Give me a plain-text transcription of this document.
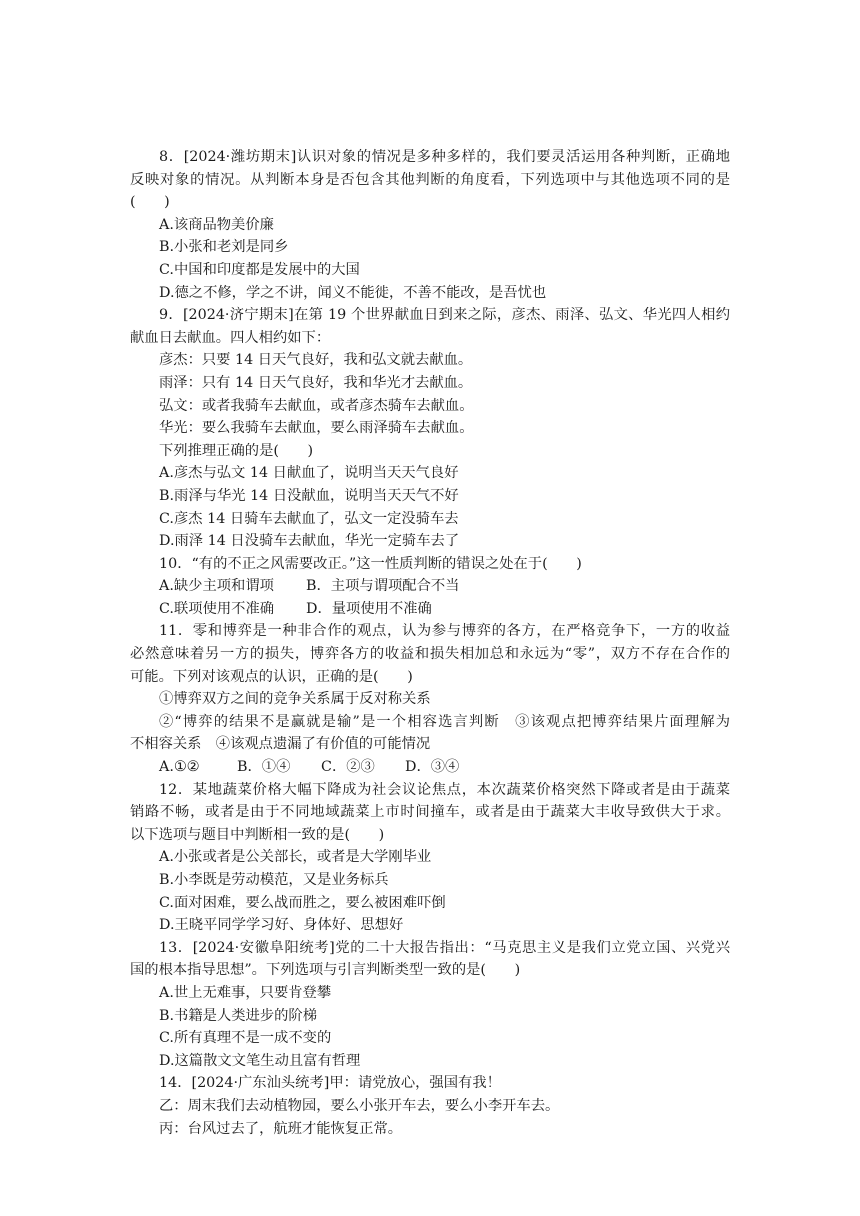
8．[2024·潍坊期末]认识对象的情况是多种多样的，我们要灵活运用各种判断，正确地
反映对象的情况。从判断本身是否包含其他判断的角度看，下列选项中与其他选项不同的是
(　　)
A.该商品物美价廉
B.小张和老刘是同乡
C.中国和印度都是发展中的大国
D.德之不修，学之不讲，闻义不能徙，不善不能改，是吾忧也
9．[2024·济宁期末]在第 19 个世界献血日到来之际，彦杰、雨泽、弘文、华光四人相约
献血日去献血。四人相约如下：
彦杰：只要 14 日天气良好，我和弘文就去献血。
雨泽：只有 14 日天气良好，我和华光才去献血。
弘文：或者我骑车去献血，或者彦杰骑车去献血。
华光：要么我骑车去献血，要么雨泽骑车去献血。
下列推理正确的是(　　)
A.彦杰与弘文 14 日献血了，说明当天天气良好
B.雨泽与华光 14 日没献血，说明当天天气不好
C.彦杰 14 日骑车去献血了，弘文一定没骑车去
D.雨泽 14 日没骑车去献血，华光一定骑车去了
10．“有的不正之风需要改正。”这一性质判断的错误之处在于(　　)
A.缺少主项和谓项 B．主项与谓项配合不当
C.联项使用不准确 D．量项使用不准确
11．零和博弈是一种非合作的观点，认为参与博弈的各方，在严格竞争下，一方的收益
必然意味着另一方的损失，博弈各方的收益和损失相加总和永远为“零”，双方不存在合作的
可能。下列对该观点的认识，正确的是(　　)
①博弈双方之间的竞争关系属于反对称关系
②“博弈的结果不是赢就是输”是一个相容选言判断　③该观点把博弈结果片面理解为
不相容关系　④该观点遗漏了有价值的可能情况
A.①②	B．①④ C．②③ D．③④
12．某地蔬菜价格大幅下降成为社会议论焦点，本次蔬菜价格突然下降或者是由于蔬菜
销路不畅，或者是由于不同地域蔬菜上市时间撞车，或者是由于蔬菜大丰收导致供大于求。
以下选项与题目中判断相一致的是(　　)
A.小张或者是公关部长，或者是大学刚毕业
B.小李既是劳动模范，又是业务标兵
C.面对困难，要么战而胜之，要么被困难吓倒
D.王晓平同学学习好、身体好、思想好
13．[2024·安徽阜阳统考]党的二十大报告指出：“马克思主义是我们立党立国、兴党兴
国的根本指导思想”。下列选项与引言判断类型一致的是(　　)
A.世上无难事，只要肯登攀
B.书籍是人类进步的阶梯
C.所有真理不是一成不变的
D.这篇散文文笔生动且富有哲理
14．[2024·广东汕头统考]甲：请党放心，强国有我！
乙：周末我们去动植物园，要么小张开车去，要么小李开车去。
丙：台风过去了，航班才能恢复正常。
